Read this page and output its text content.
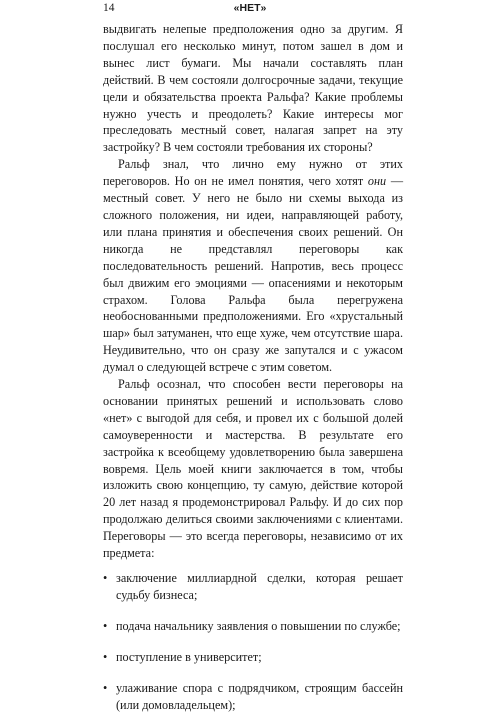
14	«НЕТ»

выдвигать нелепые предположения одно за другим. Я послушал его несколько минут, потом зашел в дом и вынес лист бумаги. Мы начали составлять план действий. В чем состояли долгосрочные задачи, текущие цели и обязательства проекта Ральфа? Какие проблемы нужно учесть и преодолеть? Какие интересы мог преследовать местный совет, налагая запрет на эту застройку? В чем состояли требования их стороны?

Ральф знал, что лично ему нужно от этих переговоров. Но он не имел понятия, чего хотят они — местный совет. У него не было ни схемы выхода из сложного положения, ни идеи, направляющей работу, или плана принятия и обеспечения своих решений. Он никогда не представлял переговоры как последовательность решений. Напротив, весь процесс был движим его эмоциями — опасениями и некоторым страхом. Голова Ральфа была перегружена необоснованными предположениями. Его «хрустальный шар» был затуманен, что еще хуже, чем отсутствие шара. Неудивительно, что он сразу же запутался и с ужасом думал о следующей встрече с этим советом.

Ральф осознал, что способен вести переговоры на основании принятых решений и использовать слово «нет» с выгодой для себя, и провел их с большой долей самоуверенности и мастерства. В результате его застройка к всеобщему удовлетворению была завершена вовремя. Цель моей книги заключается в том, чтобы изложить свою концепцию, ту самую, действие которой 20 лет назад я продемонстрировал Ральфу. И до сих пор продолжаю делиться своими заключениями с клиентами. Переговоры — это всегда переговоры, независимо от их предмета:

• заключение миллиардной сделки, которая решает судьбу бизнеса;
• подача начальнику заявления о повышении по службе;
• поступление в университет;
• улаживание спора с подрядчиком, строящим бассейн (или домовладельцем);
